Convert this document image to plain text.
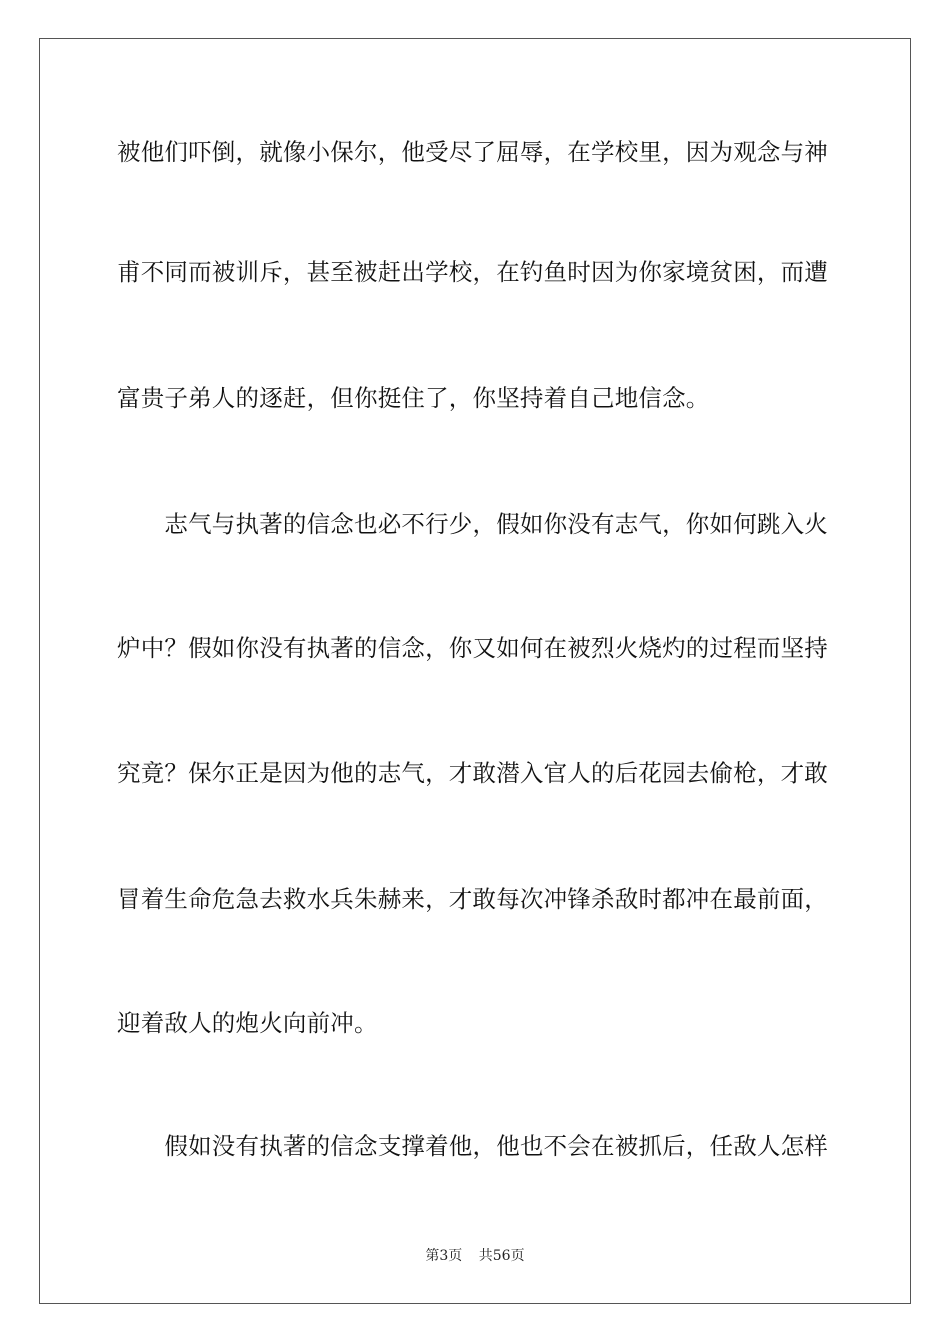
被他们吓倒，就像小保尔，他受尽了屈辱，在学校里，因为观念与神
甫不同而被训斥，甚至被赶出学校，在钓鱼时因为你家境贫困，而遭
富贵子弟人的逐赶，但你挺住了，你坚持着自己地信念。
　　志气与执著的信念也必不行少，假如你没有志气，你如何跳入火
炉中？假如你没有执著的信念，你又如何在被烈火烧灼的过程而坚持
究竟？保尔正是因为他的志气，才敢潜入官人的后花园去偷枪，才敢
冒着生命危急去救水兵朱赫来，才敢每次冲锋杀敌时都冲在最前面，
迎着敌人的炮火向前冲。
　　假如没有执著的信念支撑着他，他也不会在被抓后，任敌人怎样
第3页 共56页
